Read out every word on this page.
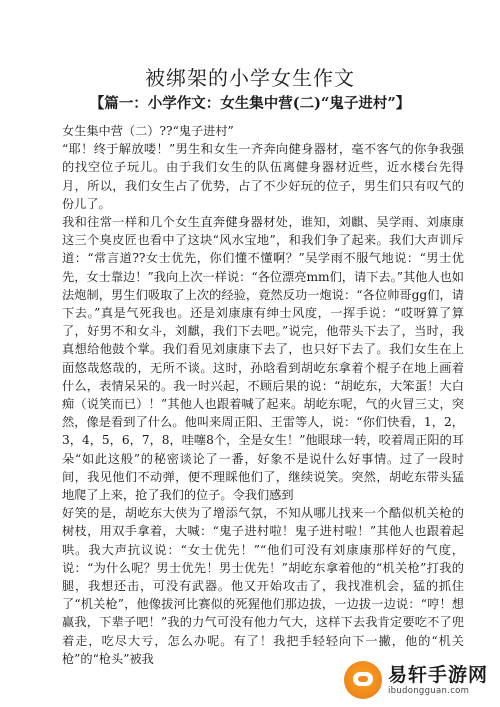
被绑架的小学女生作文
【篇一：小学作文：女生集中营(二)“鬼子进村”】

女生集中营（二）??“鬼子进村”

“耶！终于解放喽！”男生和女生一齐奔向健身器材，毫不客气的你争我强的找空位子玩儿。由于我们女生的队伍离健身器材近些，近水楼台先得月，所以，我们女生占了优势，占了不少好玩的位子，男生们只有叹气的份儿了。

我和往常一样和几个女生直奔健身器材处，谁知，刘麒、吴学雨、刘康康这三个臭皮匠也看中了这块“风水宝地”，和我们争了起来。我们大声训斥道：“常言道??女士优先，你们懂不懂啊？”吴学雨不服气地说：“男士优先，女士靠边！”我向上次一样说：“各位漂亮mm们，请下去。”其他人也如法炮制，男生们吸取了上次的经验，竟然反功一炮说：“各位帅哥gg们，请下去。”真是气死我也。还是刘康康有绅士风度，一挥手说：“哎呀算了算了，好男不和女斗，刘麒，我们下去吧。”说完，他带头下去了，当时，我真想给他鼓个掌。我们看见刘康康下去了，也只好下去了。我们女生在上面悠哉悠哉的，无所不谈。这时，孙晗看到胡屹东拿着个棍子在地上画着什么，表情呆呆的。我一时兴起，不顾后果的说：“胡屹东，大笨蛋！大白痴（说笑而已）！”其他人也跟着喊了起来。胡屹东呢，气的火冒三丈，突然，像是看到了什么。他叫来周正阳、王雷等人，说：“你们快看，1，2，3，4，5，6，7，8，哇噻8个，全是女生！”他眼球一转，咬着周正阳的耳朵“如此这般”的秘密谈论了一番，好象不是说什么好事情。过了一段时间，我见他们不动弹，便不理睬他们了，继续说笑。突然，胡屹东带头猛地爬了上来，抢了我们的位子。令我们感到

好笑的是，胡屹东大侠为了增添气氛，不知从哪儿找来一个酷似机关枪的树枝，用双手拿着，大喊：“鬼子进村啦！鬼子进村啦！”其他人也跟着起哄。我大声抗议说：“女士优先！”“他们可没有刘康康那样好的气度，说：“为什么呢？男士优先！男士优先！”胡屹东拿着他的“机关枪”打我的腿，我想还击，可没有武器。他又开始攻击了，我找准机会，猛的抓住了“机关枪”，他像拔河比赛似的死猩他们那边拔，一边拔一边说：“哼！想赢我，下辈子吧！”我的力气可没有他力气大，这样下去我肯定要吃不了兜着走，吃尽大亏，怎么办呢。有了！我把手轻轻向下一撇，他的“机关枪”的“枪头”被我

易轩手游网
ibudongguan.com
